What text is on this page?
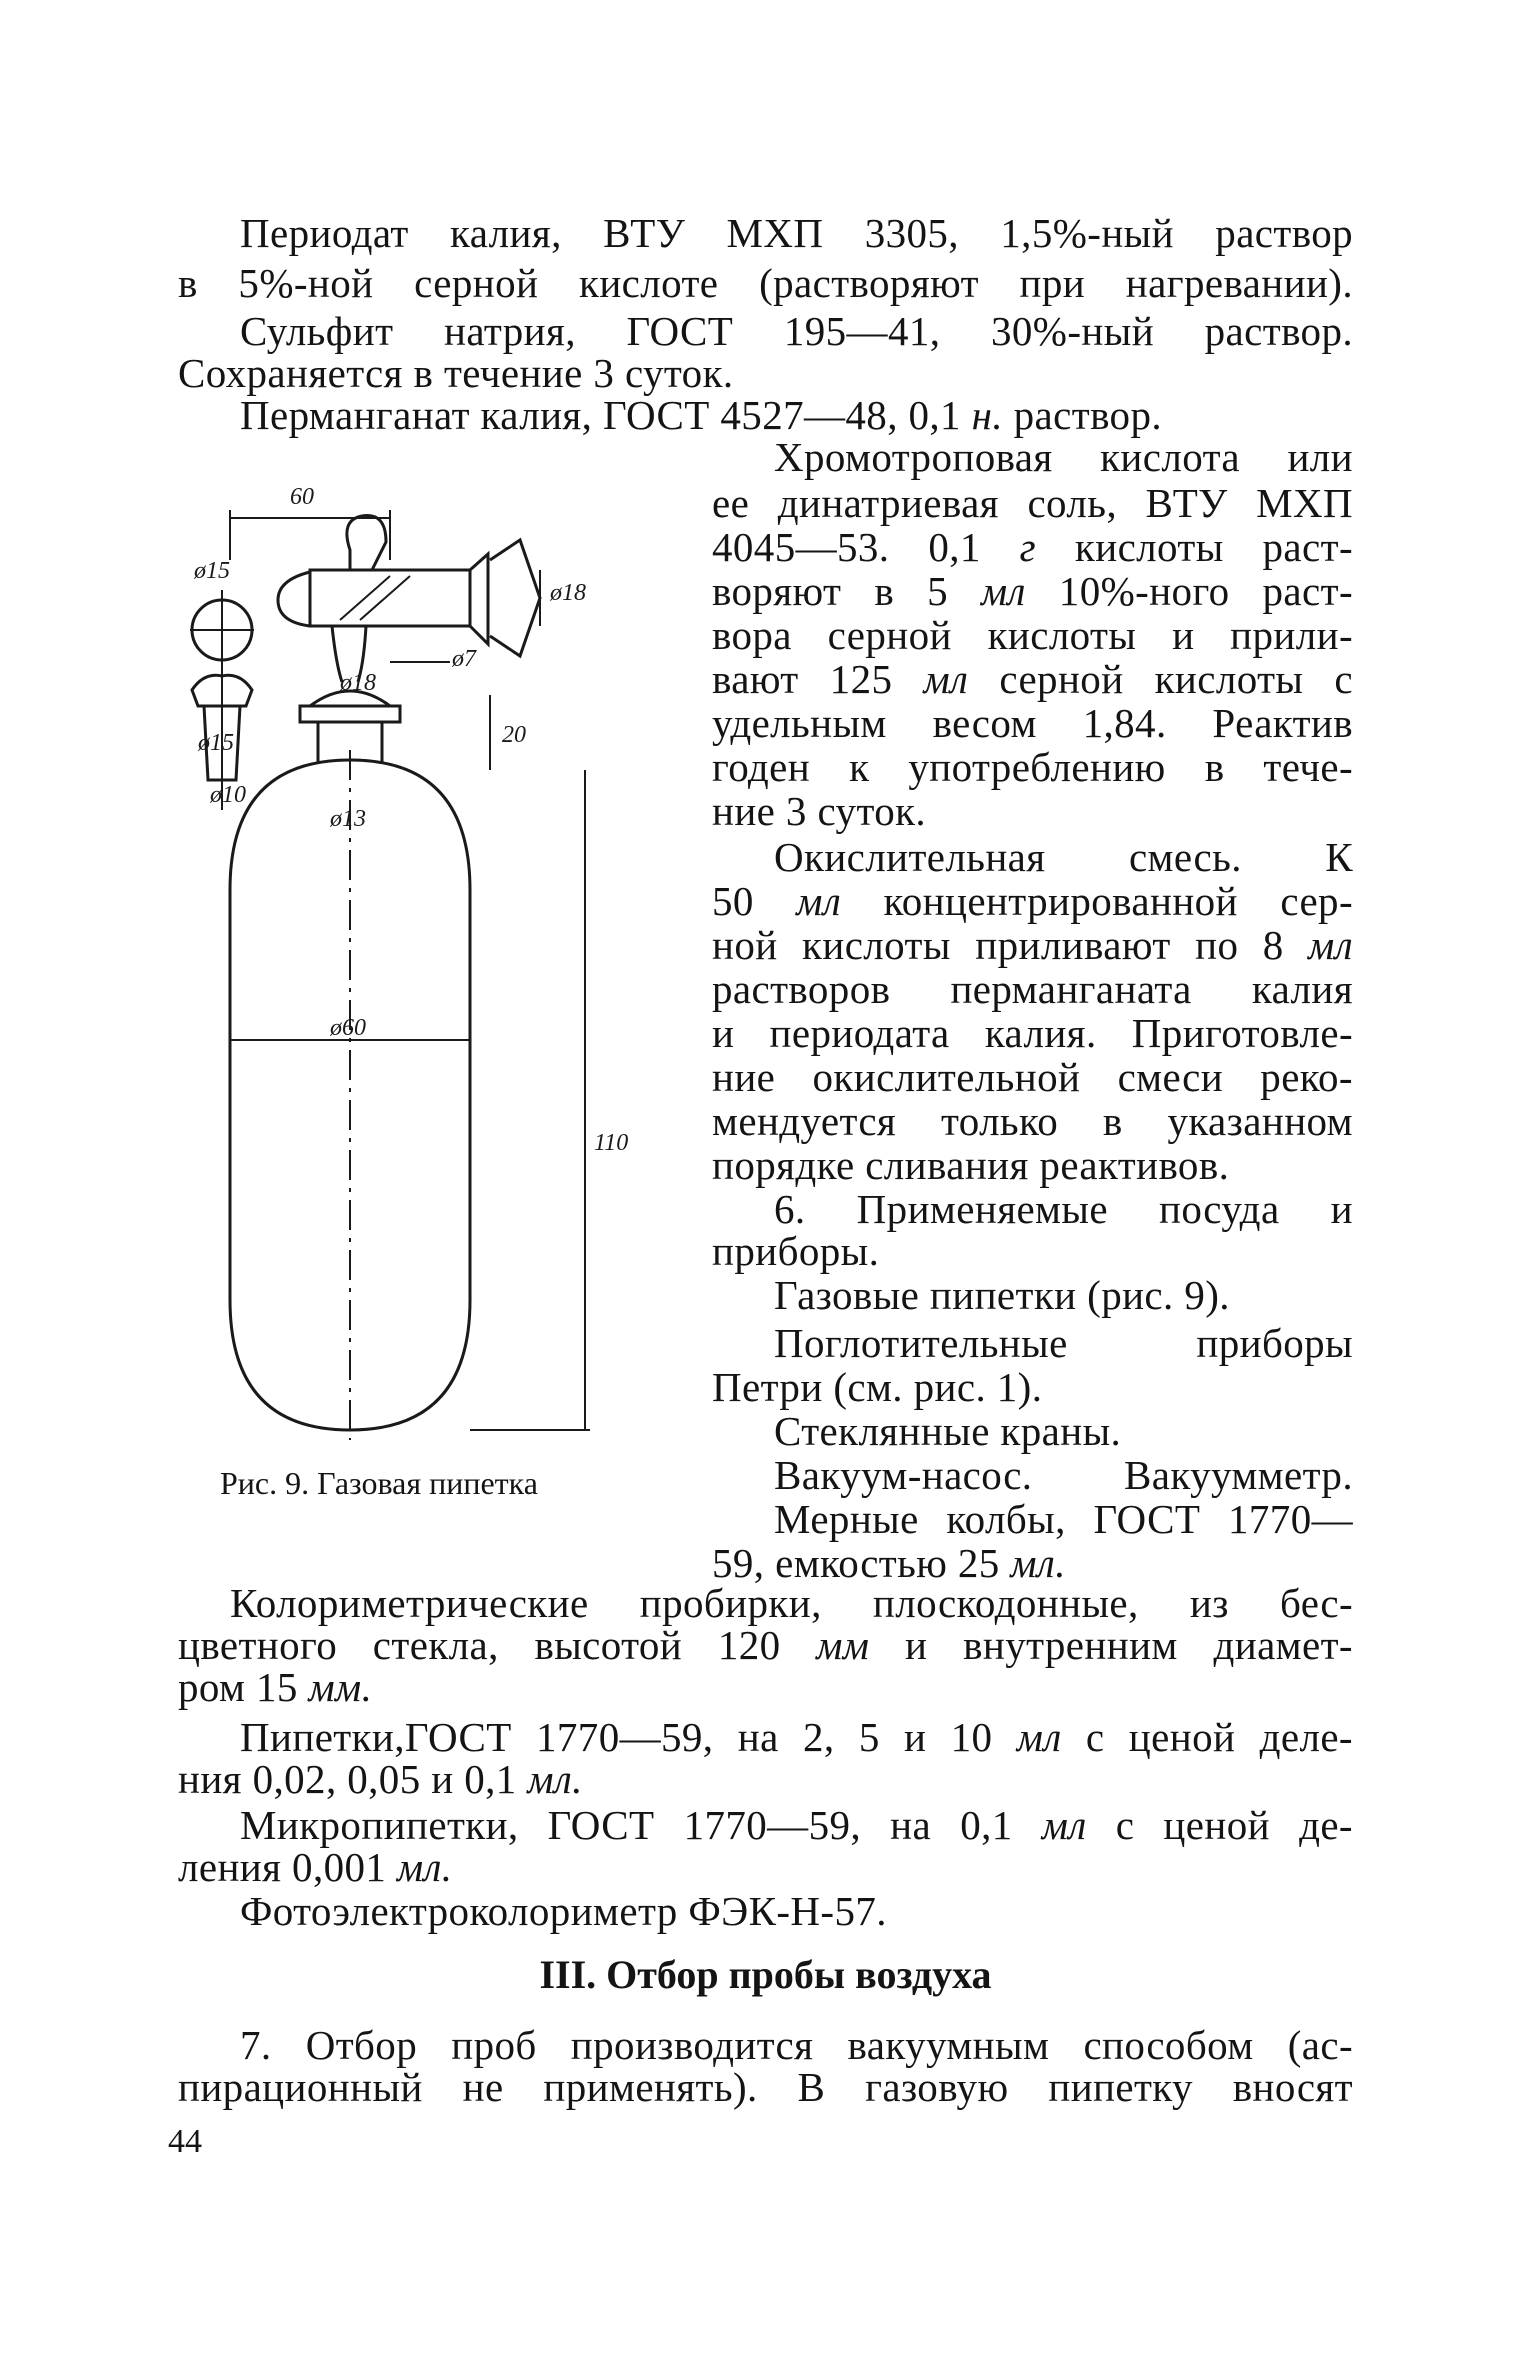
Периодат калия, ВТУ МХП 3305, 1,5%-ный раствор

в 5%-ной серной кислоте (растворяют при нагревании).

Сульфит натрия, ГОСТ 195—41, 30%-ный раствор.

Сохраняется в течение 3 суток.

Перманганат калия, ГОСТ 4527—48, 0,1 н. раствор.

Хромотроповая кислота или

ее динатриевая соль, ВТУ МХП

4045—53. 0,1 г кислоты раст-

воряют в 5 мл 10%-ного раст-

вора серной кислоты и прили-

вают 125 мл серной кислоты с

удельным весом 1,84. Реактив

годен к употреблению в тече-

ние 3 суток.

Окислительная смесь. К

50 мл концентрированной сер-

ной кислоты приливают по 8 мл

растворов перманганата калия

и периодата калия. Приготовле-

ние окислительной смеси реко-

мендуется только в указанном

порядке сливания реактивов.

6. Применяемые посуда и

приборы.

Газовые пипетки (рис. 9).

Поглотительные приборы

Петри (см. рис. 1).

Стеклянные краны.

Вакуум-насос. Вакуумметр.

Мерные колбы, ГОСТ 1770—

59, емкостью 25 мл.

Колориметрические пробирки, плоскодонные, из бес-

цветного стекла, высотой 120 мм и внутренним диамет-

ром 15 мм.

Пипетки,ГОСТ 1770—59, на 2, 5 и 10 мл с ценой деле-

ния 0,02, 0,05 и 0,1 мл.

Микропипетки, ГОСТ 1770—59, на 0,1 мл с ценой де-

ления 0,001 мл.

Фотоэлектроколориметр ФЭК-Н-57.

III. Отбор пробы воздуха

7. Отбор проб производится вакуумным способом (ас-

пирационный не применять). В газовую пипетку вносят

44
60
ø15
ø18
ø7
ø18
ø15
ø10
20
ø13
ø60
110
Рис. 9. Газовая пипетка
